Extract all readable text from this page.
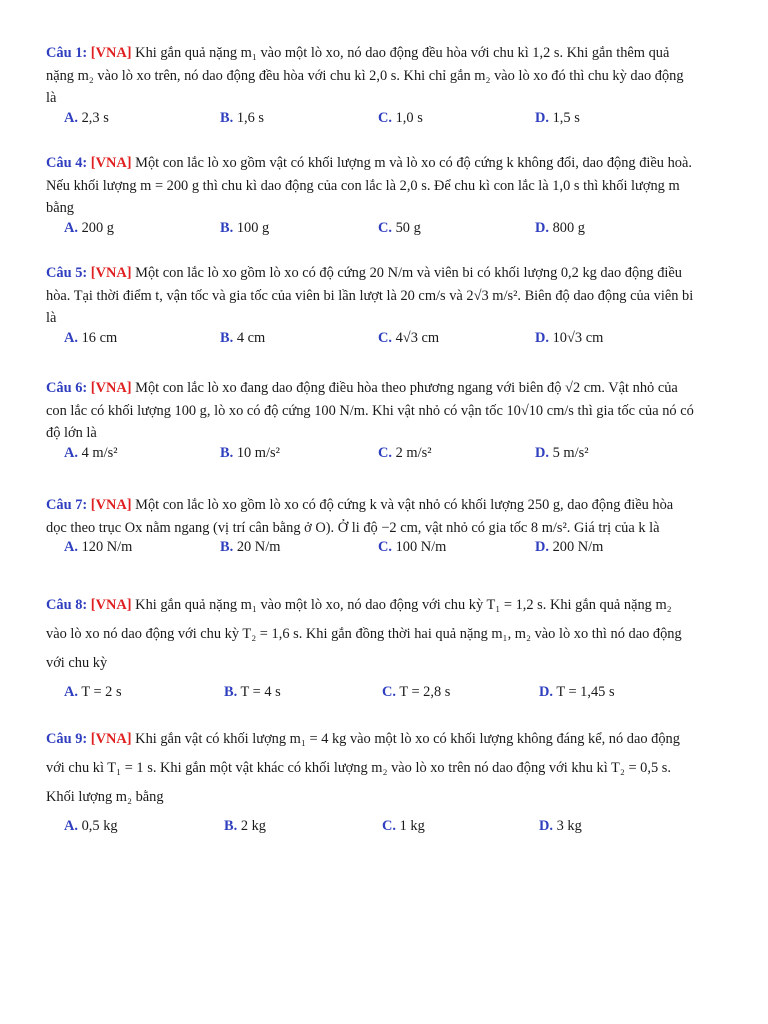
Câu 1: [VNA] Khi gắn quả nặng m₁ vào một lò xo, nó dao động đều hòa với chu kì 1,2 s. Khi gắn thêm quả nặng m₂ vào lò xo trên, nó dao động đều hòa với chu kì 2,0 s. Khi chỉ gắn m₂ vào lò xo đó thì chu kỳ dao động là

A. 2,3 s	B. 1,6 s	C. 1,0 s	D. 1,5 s

Câu 4: [VNA] Một con lắc lò xo gồm vật có khối lượng m và lò xo có độ cứng k không đổi, dao động điều hoà. Nếu khối lượng m = 200 g thì chu kì dao động của con lắc là 2,0 s. Để chu kì con lắc là 1,0 s thì khối lượng m bằng

A. 200 g	B. 100 g	C. 50 g	D. 800 g

Câu 5: [VNA] Một con lắc lò xo gồm lò xo có độ cứng 20 N/m và viên bi có khối lượng 0,2 kg dao động điều hòa. Tại thời điểm t, vận tốc và gia tốc của viên bi lần lượt là 20 cm/s và 2√3 m/s². Biên độ dao động của viên bi là

A. 16 cm	B. 4 cm	C. 4√3 cm	D. 10√3 cm

Câu 6: [VNA] Một con lắc lò xo đang dao động điều hòa theo phương ngang với biên độ √2 cm. Vật nhỏ của con lắc có khối lượng 100 g, lò xo có độ cứng 100 N/m. Khi vật nhỏ có vận tốc 10√10 cm/s thì gia tốc của nó có độ lớn là

A. 4 m/s²	B. 10 m/s²	C. 2 m/s²	D. 5 m/s²

Câu 7: [VNA] Một con lắc lò xo gồm lò xo có độ cứng k và vật nhỏ có khối lượng 250 g, dao động điều hòa dọc theo trục Ox nằm ngang (vị trí cân bằng ở O). Ở li độ −2 cm, vật nhỏ có gia tốc 8 m/s². Giá trị của k là

A. 120 N/m	B. 20 N/m	C. 100 N/m	D. 200 N/m

Câu 8: [VNA] Khi gắn quả nặng m₁ vào một lò xo, nó dao động với chu kỳ T₁ = 1,2 s. Khi gắn quả nặng m₂ vào lò xo nó dao động với chu kỳ T₂ = 1,6 s. Khi gắn đồng thời hai quả nặng m₁, m₂ vào lò xo thì nó dao động với chu kỳ

A. T = 2 s	B. T = 4 s	C. T = 2,8 s	D. T = 1,45 s

Câu 9: [VNA] Khi gắn vật có khối lượng m₁ = 4 kg vào một lò xo có khối lượng không đáng kể, nó dao động với chu kì T₁ = 1 s. Khi gắn một vật khác có khối lượng m₂ vào lò xo trên nó dao động với khu kì T₂ = 0,5 s. Khối lượng m₂ bằng

A. 0,5 kg	B. 2 kg	C. 1 kg	D. 3 kg
